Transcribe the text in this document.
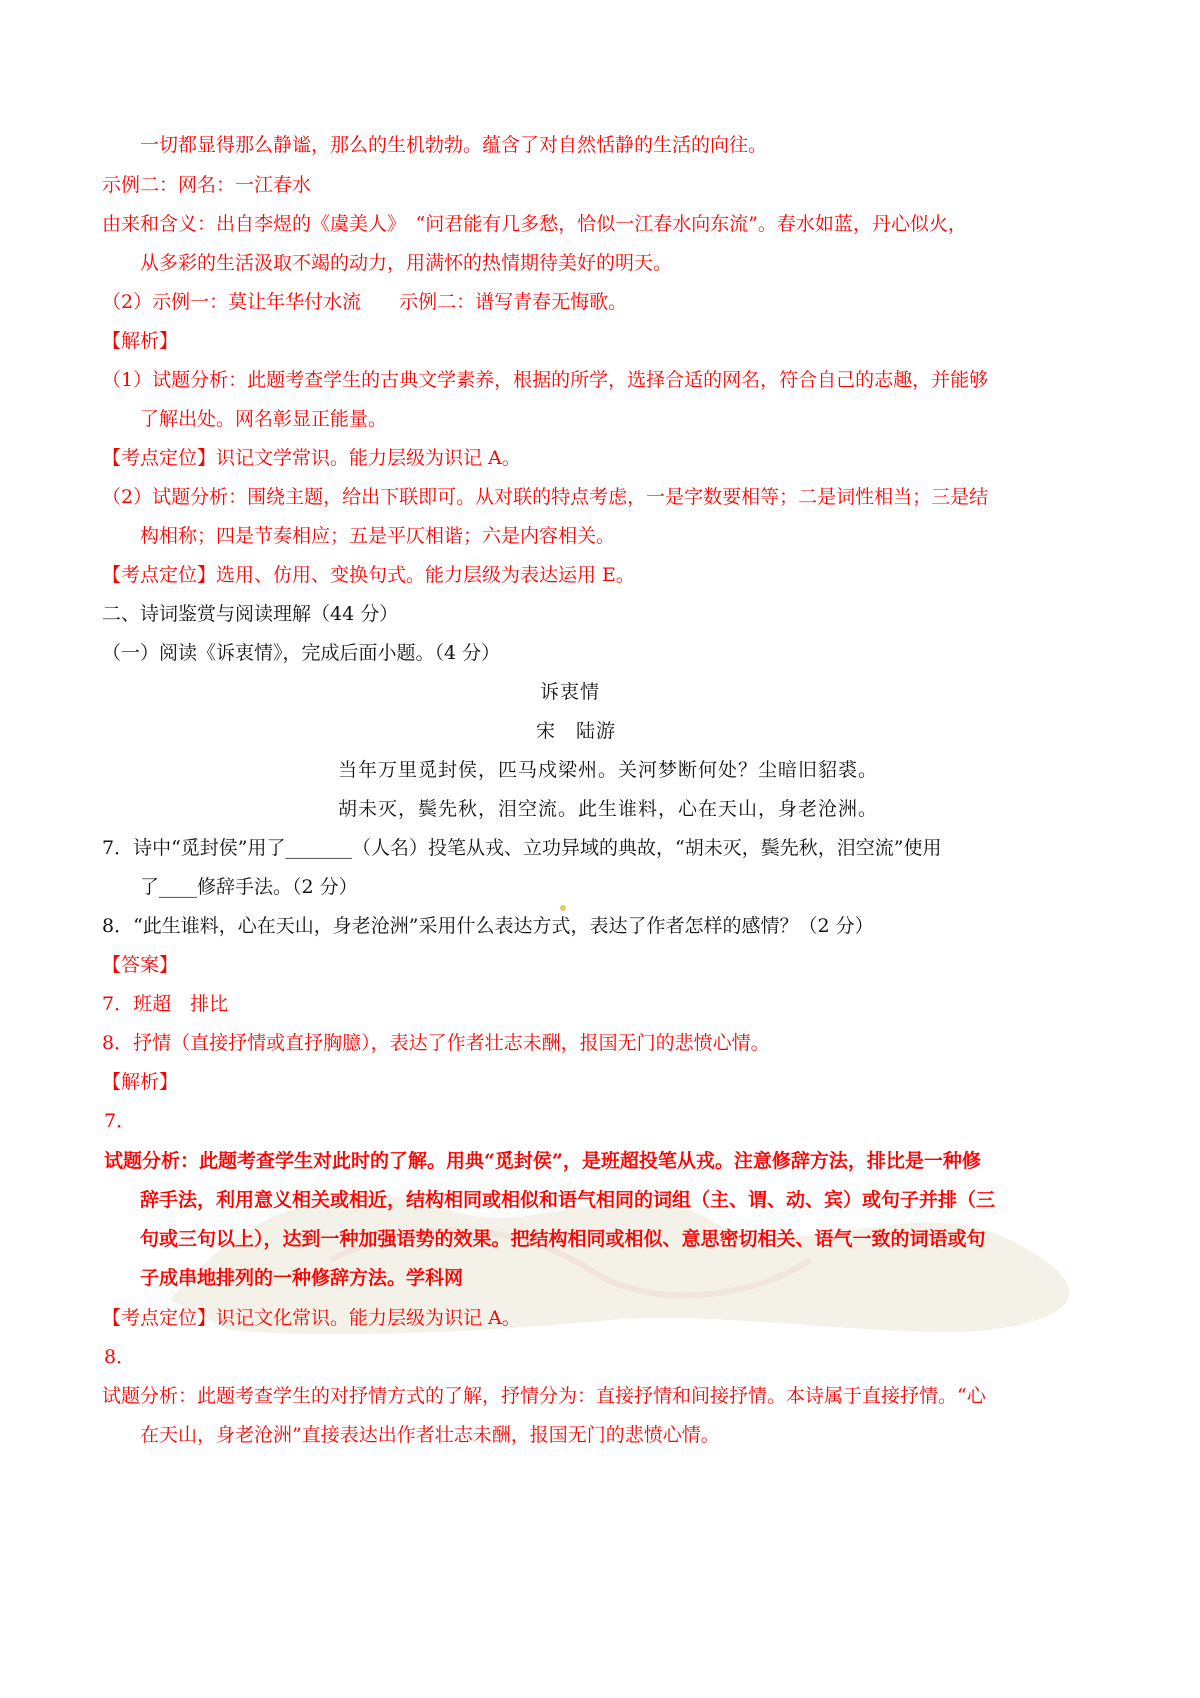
一切都显得那么静谧，那么的生机勃勃。蕴含了对自然恬静的生活的向往。
示例二：网名：一江春水
由来和含义：出自李煜的《虞美人》　“问君能有几多愁，恰似一江春水向东流”。春水如蓝，丹心似火，
从多彩的生活汲取不竭的动力，用满怀的热情期待美好的明天。
（2）示例一：莫让年华付水流　　示例二：谱写青春无悔歌。
【解析】
（1）试题分析：此题考查学生的古典文学素养，根据的所学，选择合适的网名，符合自己的志趣，并能够
了解出处。网名彰显正能量。
【考点定位】识记文学常识。能力层级为识记 A。
（2）试题分析：围绕主题，给出下联即可。从对联的特点考虑，一是字数要相等；二是词性相当；三是结
构相称；四是节奏相应；五是平仄相谐；六是内容相关。
【考点定位】选用、仿用、变换句式。能力层级为表达运用 E。
二、诗词鉴赏与阅读理解（44 分）
（一）阅读《诉衷情》，完成后面小题。（4 分）
诉衷情
宋　陆游
当年万里觅封侯，匹马戍梁州。关河梦断何处？尘暗旧貂裘。
胡未灭，鬓先秋，泪空流。此生谁料，心在天山，身老沧洲。
7．诗中“觅封侯”用了_______（人名）投笔从戎、立功异域的典故，“胡未灭，鬓先秋，泪空流”使用
了____修辞手法。（2 分）
8．“此生谁料，心在天山，身老沧洲”采用什么表达方式，表达了作者怎样的感情？（2 分）
【答案】
7．班超　排比
8．抒情（直接抒情或直抒胸臆），表达了作者壮志未酬，报国无门的悲愤心情。
【解析】
7．
试题分析：此题考查学生对此时的了解。用典“觅封侯”，是班超投笔从戎。注意修辞方法，排比是一种修
辞手法，利用意义相关或相近，结构相同或相似和语气相同的词组（主、谓、动、宾）或句子并排（三
句或三句以上），达到一种加强语势的效果。把结构相同或相似、意思密切相关、语气一致的词语或句
子成串地排列的一种修辞方法。学科网
【考点定位】识记文化常识。能力层级为识记 A。
8．
试题分析：此题考查学生的对抒情方式的了解，抒情分为：直接抒情和间接抒情。本诗属于直接抒情。“心
在天山，身老沧洲”直接表达出作者壮志未酬，报国无门的悲愤心情。
